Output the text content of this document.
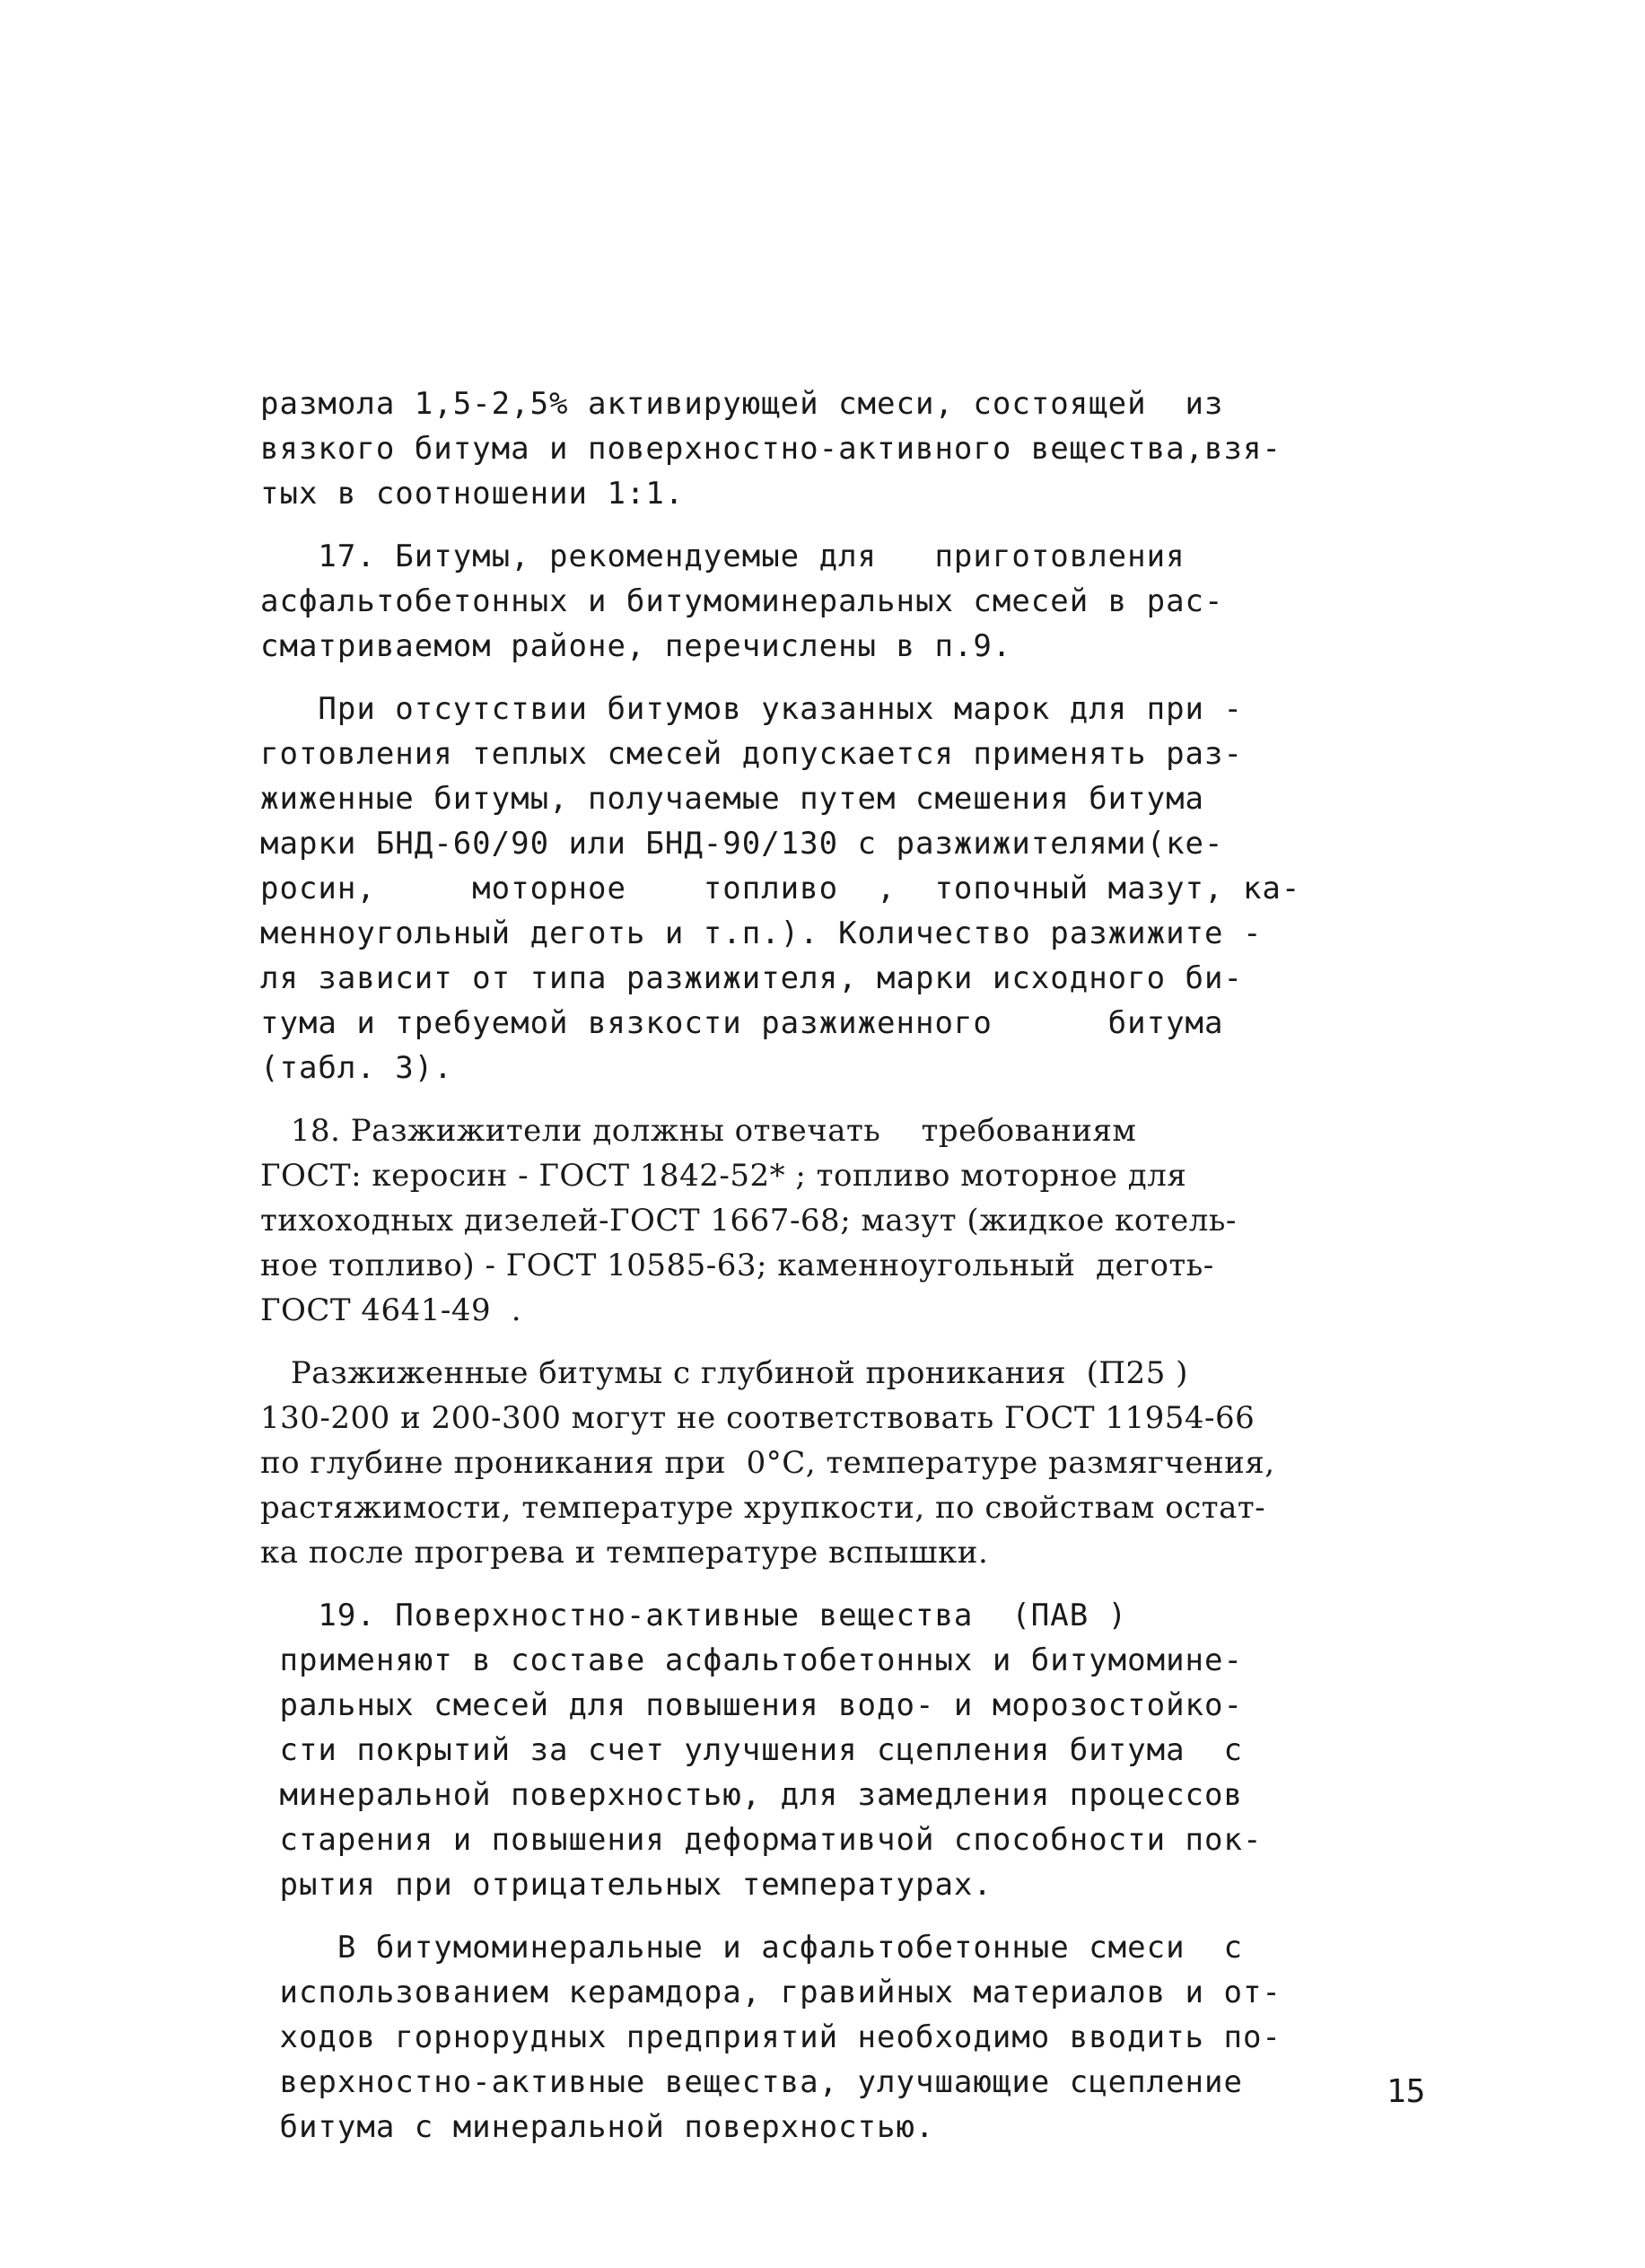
размола 1,5-2,5% активирующей смеси, состоящей  из
вязкого битума и поверхностно-активного вещества,взя-
тых в соотношении 1:1.
17. Битумы, рекомендуемые для   приготовления
асфальтобетонных и битумоминеральных смесей в рас-
сматриваемом районе, перечислены в п.9.
При отсутствии битумов указанных марок для при -
готовления теплых смесей допускается применять раз-
жиженные битумы, получаемые путем смешения битума
марки БНД-60/90 или БНД-90/130 с разжижителями(ке-
росин,     моторное    топливо  ,  топочный мазут, ка-
менноугольный деготь и т.п.). Количество разжижите -
ля зависит от типа разжижителя, марки исходного би-
тума и требуемой вязкости разжиженного      битума
(табл. 3).
18. Разжижители должны отвечать    требованиям
ГОСТ: керосин - ГОСТ 1842-52* ; топливо моторное для
тихоходных дизелей-ГОСТ 1667-68; мазут (жидкое котель-
ное топливо) - ГОСТ 10585-63; каменноугольный  деготь-
ГОСТ 4641-49  .
Разжиженные битумы с глубиной проникания  (П25 )
130-200 и 200-300 могут не соответствовать ГОСТ 11954-66
по глубине проникания при  0°С, температуре размягчения,
растяжимости, температуре хрупкости, по свойствам остат-
ка после прогрева и температуре вспышки.
19. Поверхностно-активные вещества  (ПАВ )
применяют в составе асфальтобетонных и битумомине-
ральных смесей для повышения водо- и морозостойко-
сти покрытий за счет улучшения сцепления битума  с
минеральной поверхностью, для замедления процессов
старения и повышения деформативчой способности пок-
рытия при отрицательных температурах.
В битумоминеральные и асфальтобетонные смеси  с
использованием керамдора, гравийных материалов и от-
ходов горнорудных предприятий необходимо вводить по-
верхностно-активные вещества, улучшающие сцепление
битума с минеральной поверхностью.
15
